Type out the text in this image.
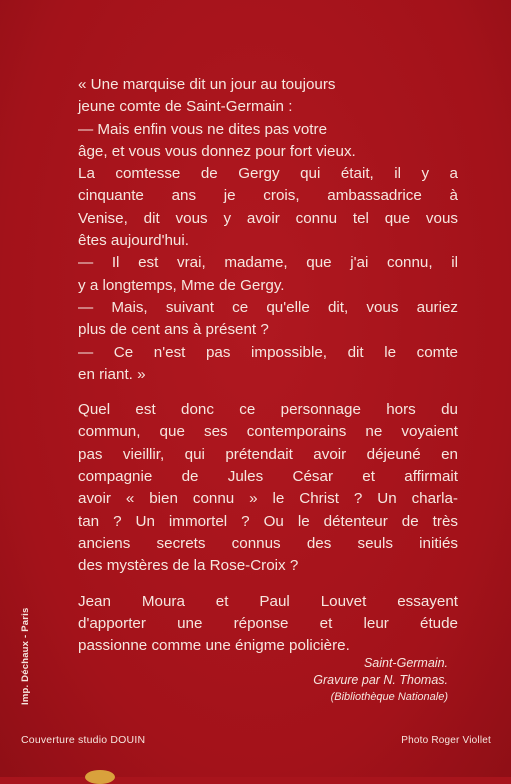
« Une marquise dit un jour au toujours

jeune comte de Saint-Germain :

— Mais enfin vous ne dites pas votre

âge, et vous vous donnez pour fort vieux.

La comtesse de Gergy qui était, il y a

cinquante ans je crois, ambassadrice à

Venise, dit vous y avoir connu tel que vous

êtes aujourd'hui.

— Il est vrai, madame, que j'ai connu, il

y a longtemps, Mme de Gergy.

— Mais, suivant ce qu'elle dit, vous auriez

plus de cent ans à présent ?

— Ce n'est pas impossible, dit le comte

en riant. »

Quel est donc ce personnage hors du

commun, que ses contemporains ne voyaient

pas vieillir, qui prétendait avoir déjeuné en

compagnie de Jules César et affirmait

avoir « bien connu » le Christ ? Un charla-

tan ? Un immortel ? Ou le détenteur de très

anciens secrets connus des seuls initiés

des mystères de la Rose-Croix ?

Jean Moura et Paul Louvet essayent

d'apporter une réponse et leur étude

passionne comme une énigme policière.

Saint-Germain.
Gravure par N. Thomas.
(Bibliothèque Nationale)
Imp. Déchaux - Paris
Couverture studio DOUIN	Photo Roger Viollet
